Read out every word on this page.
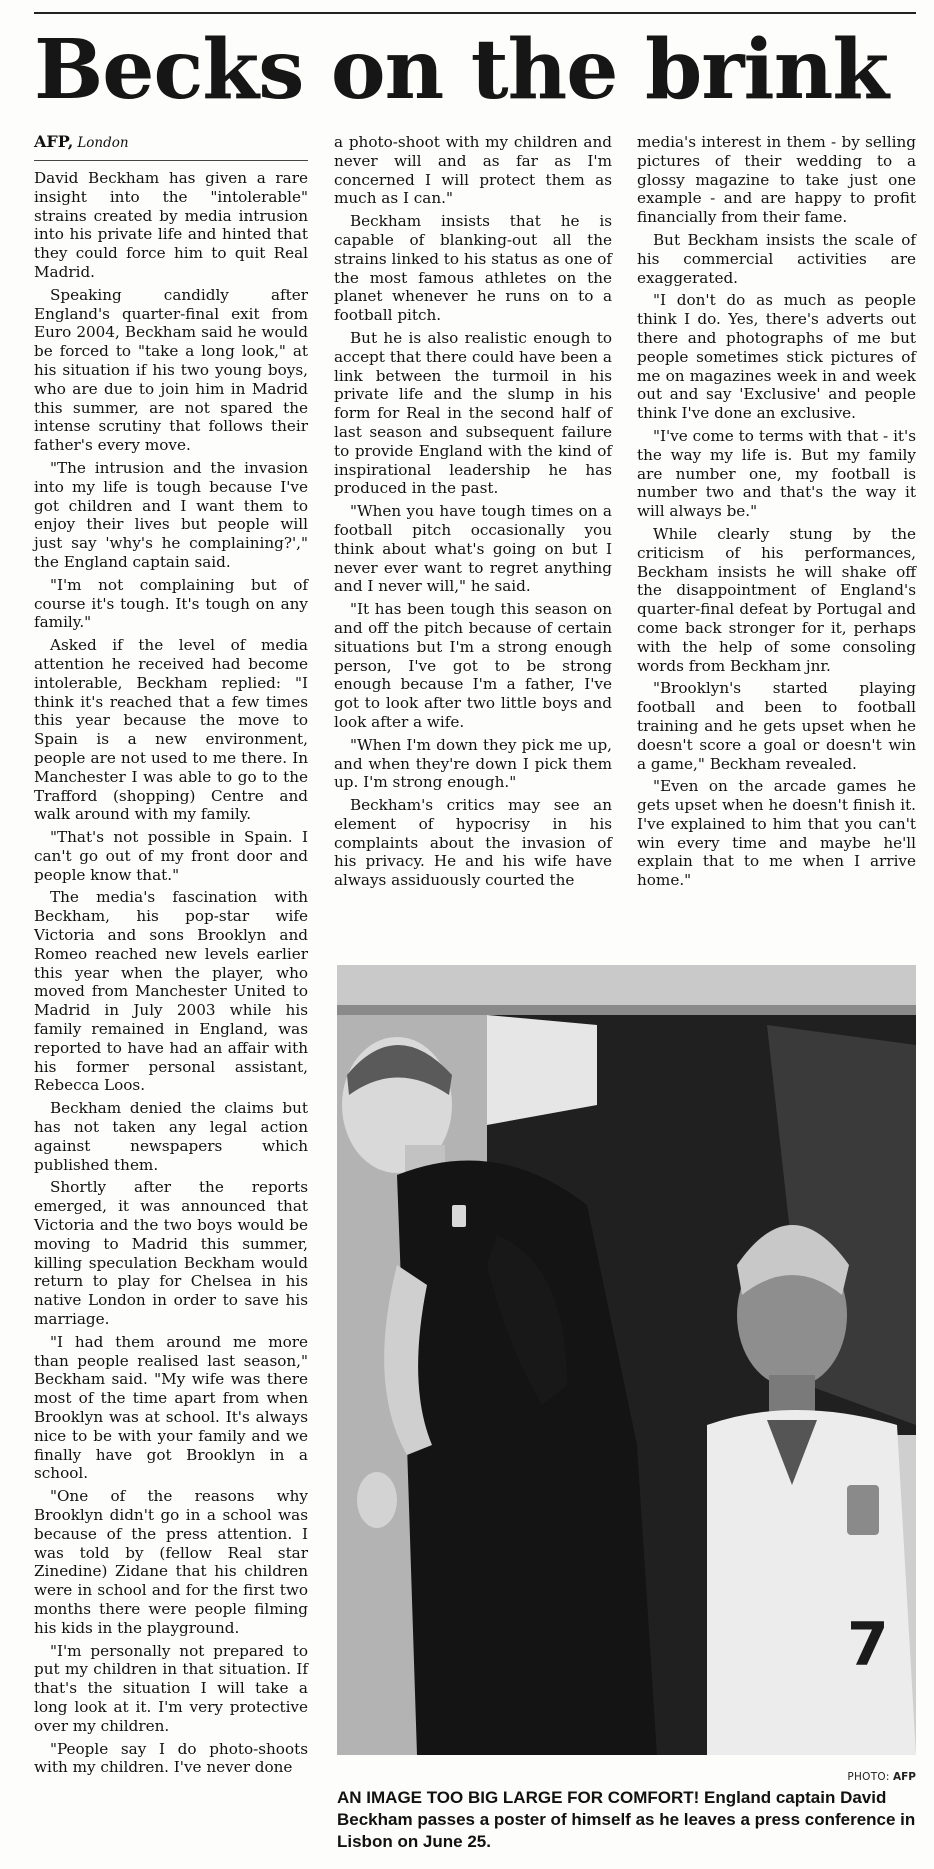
Becks on the brink
AFP, London

David Beckham has given a rare insight into the "intolerable" strains created by media intrusion into his private life and hinted that they could force him to quit Real Madrid.

Speaking candidly after England's quarter-final exit from Euro 2004, Beckham said he would be forced to "take a long look," at his situation if his two young boys, who are due to join him in Madrid this summer, are not spared the intense scrutiny that follows their father's every move.

"The intrusion and the invasion into my life is tough because I've got children and I want them to enjoy their lives but people will just say 'why's he complaining?'," the England captain said.

"I'm not complaining but of course it's tough. It's tough on any family."

Asked if the level of media attention he received had become intolerable, Beckham replied: "I think it's reached that a few times this year because the move to Spain is a new environment, people are not used to me there. In Manchester I was able to go to the Trafford (shopping) Centre and walk around with my family.

"That's not possible in Spain. I can't go out of my front door and people know that."

The media's fascination with Beckham, his pop-star wife Victoria and sons Brooklyn and Romeo reached new levels earlier this year when the player, who moved from Manchester United to Madrid in July 2003 while his family remained in England, was reported to have had an affair with his former personal assistant, Rebecca Loos.

Beckham denied the claims but has not taken any legal action against newspapers which published them.

Shortly after the reports emerged, it was announced that Victoria and the two boys would be moving to Madrid this summer, killing speculation Beckham would return to play for Chelsea in his native London in order to save his marriage.

"I had them around me more than people realised last season," Beckham said. "My wife was there most of the time apart from when Brooklyn was at school. It's always nice to be with your family and we finally have got Brooklyn in a school.

"One of the reasons why Brooklyn didn't go in a school was because of the press attention. I was told by (fellow Real star Zinedine) Zidane that his children were in school and for the first two months there were people filming his kids in the playground.

"I'm personally not prepared to put my children in that situation. If that's the situation I will take a long look at it. I'm very protective over my children.

"People say I do photo-shoots with my children. I've never done

a photo-shoot with my children and never will and as far as I'm concerned I will protect them as much as I can."

Beckham insists that he is capable of blanking-out all the strains linked to his status as one of the most famous athletes on the planet whenever he runs on to a football pitch.

But he is also realistic enough to accept that there could have been a link between the turmoil in his private life and the slump in his form for Real in the second half of last season and subsequent failure to provide England with the kind of inspirational leadership he has produced in the past.

"When you have tough times on a football pitch occasionally you think about what's going on but I never ever want to regret anything and I never will," he said.

"It has been tough this season on and off the pitch because of certain situations but I'm a strong enough person, I've got to be strong enough because I'm a father, I've got to look after two little boys and look after a wife.

"When I'm down they pick me up, and when they're down I pick them up. I'm strong enough."

Beckham's critics may see an element of hypocrisy in his complaints about the invasion of his privacy. He and his wife have always assiduously courted the

media's interest in them - by selling pictures of their wedding to a glossy magazine to take just one example - and are happy to profit financially from their fame.

But Beckham insists the scale of his commercial activities are exaggerated.

"I don't do as much as people think I do. Yes, there's adverts out there and photographs of me but people sometimes stick pictures of me on magazines week in and week out and say 'Exclusive' and people think I've done an exclusive.

"I've come to terms with that - it's the way my life is. But my family are number one, my football is number two and that's the way it will always be."

While clearly stung by the criticism of his performances, Beckham insists he will shake off the disappointment of England's quarter-final defeat by Portugal and come back stronger for it, perhaps with the help of some consoling words from Beckham jnr.

"Brooklyn's started playing football and been to football training and he gets upset when he doesn't score a goal or doesn't win a game," Beckham revealed.

"Even on the arcade games he gets upset when he doesn't finish it. I've explained to him that you can't win every time and maybe he'll explain that to me when I arrive home."

7
PHOTO: AFP

AN IMAGE TOO BIG LARGE FOR COMFORT! England captain David Beckham passes a poster of himself as he leaves a press conference in Lisbon on June 25.
